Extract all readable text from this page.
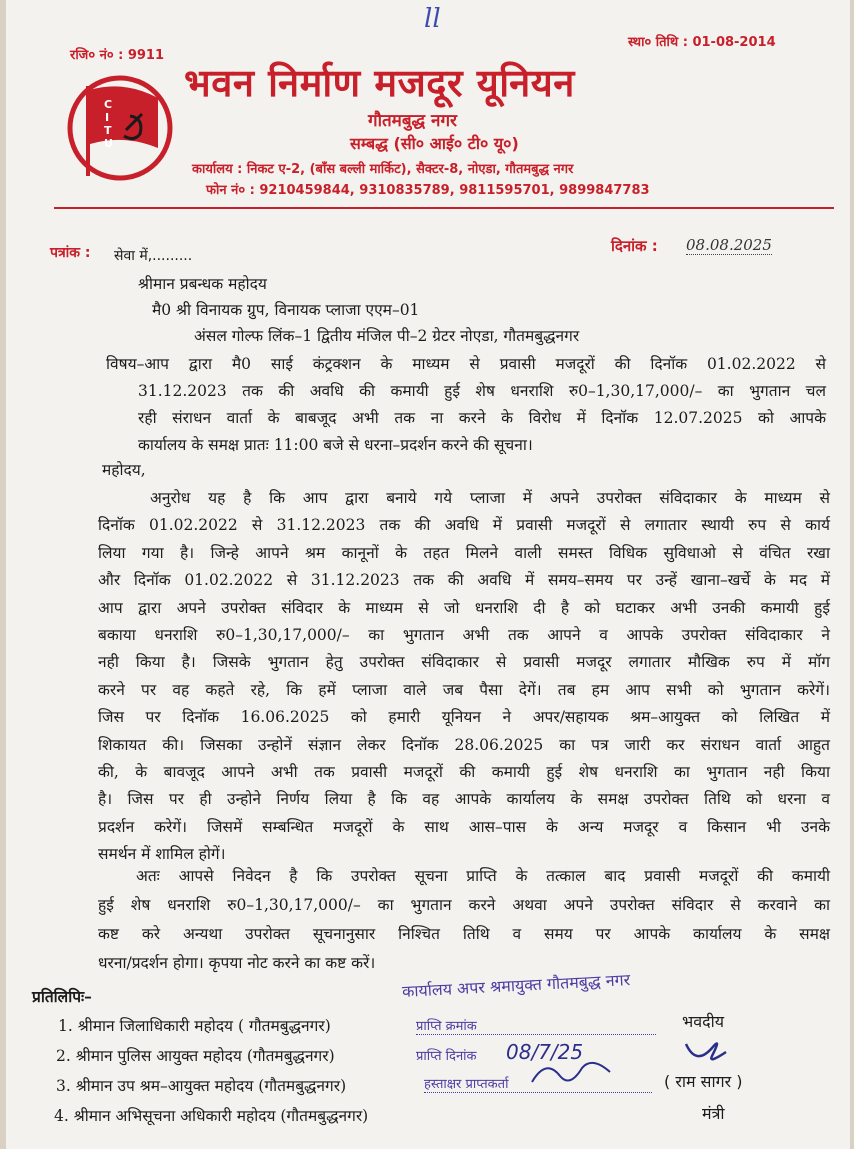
ll
रजि० नं० : 9911
स्था० तिथि : 01-08-2014
C
I
T
U
भवन निर्माण मजदूर यूनियन
गौतमबुद्ध नगर
सम्बद्ध (सी० आई० टी० यू०)
कार्यालय : निकट ए-2, (बाँस बल्ली मार्किट), सैक्टर-8, नोएडा, गौतमबुद्ध नगर
फोन नं० : 9210459844, 9310835789, 9811595701, 9899847783
पत्रांक : सेवा में,.........
दिनांक : 08.08.2025
श्रीमान प्रबन्धक महोदय
मै0 श्री विनायक ग्रुप, विनायक प्लाजा एएम–01
अंसल गोल्फ लिंक–1 द्वितीय मंजिल पी–2 ग्रेटर नोएडा, गौतमबुद्धनगर
विषय–आप द्वारा मै0 साई कंट्रक्शन के माध्यम से प्रवासी मजदूरों की दिनॉक 01.02.2022 से
31.12.2023 तक की अवधि की कमायी हुई शेष धनराशि रु0–1,30,17,000/– का भुगतान चल
रही संराधन वार्ता के बाबजूद अभी तक ना करने के विरोध में दिनॉक 12.07.2025 को आपके
कार्यालय के समक्ष प्रातः 11:00 बजे से धरना–प्रदर्शन करने की सूचना।
महोदय,
अनुरोध यह है कि आप द्वारा बनाये गये प्लाजा में अपने उपरोक्त संविदाकार के माध्यम से
दिनॉक 01.02.2022 से 31.12.2023 तक की अवधि में प्रवासी मजदूरों से लगातार स्थायी रुप से कार्य
लिया गया है। जिन्हे आपने श्रम कानूनों के तहत मिलने वाली समस्त विधिक सुविधाओ से वंचित रखा
और दिनॉक 01.02.2022 से 31.12.2023 तक की अवधि में समय–समय पर उन्हें खाना–खर्चे के मद में
आप द्वारा अपने उपरोक्त संविदार के माध्यम से जो धनराशि दी है को घटाकर अभी उनकी कमायी हुई
बकाया धनराशि रु0–1,30,17,000/– का भुगतान अभी तक आपने व आपके उपरोक्त संविदाकार ने
नही किया है। जिसके भुगतान हेतु उपरोक्त संविदाकार से प्रवासी मजदूर लगातार मौखिक रुप में मॉग
करने पर वह कहते रहे, कि हमें प्लाजा वाले जब पैसा देगें। तब हम आप सभी को भुगतान करेगें।
जिस पर दिनॉक 16.06.2025 को हमारी यूनियन ने अपर/सहायक श्रम–आयुक्त को लिखित में
शिकायत की। जिसका उन्होनें संज्ञान लेकर दिनॉक 28.06.2025 का पत्र जारी कर संराधन वार्ता आहुत
की, के बावजूद आपने अभी तक प्रवासी मजदूरों की कमायी हुई शेष धनराशि का भुगतान नही किया
है। जिस पर ही उन्होने निर्णय लिया है कि वह आपके कार्यालय के समक्ष उपरोक्त तिथि को धरना व
प्रदर्शन करेगें। जिसमें सम्बन्धित मजदूरों के साथ आस–पास के अन्य मजदूर व किसान भी उनके
समर्थन में शामिल होगें।
अतः आपसे निवेदन है कि उपरोक्त सूचना प्राप्ति के तत्काल बाद प्रवासी मजदूरों की कमायी
हुई शेष धनराशि रु0–1,30,17,000/– का भुगतान करने अथवा अपने उपरोक्त संविदार से करवाने का
कष्ट करे अन्यथा उपरोक्त सूचनानुसार निश्चित तिथि व समय पर आपके कार्यालय के समक्ष
धरना/प्रदर्शन होगा। कृपया नोट करने का कष्ट करें।
प्रतिलिपिः–
1. श्रीमान जिलाधिकारी महोदय ( गौतमबुद्धनगर)
2. श्रीमान पुलिस आयुक्त महोदय (गौतमबुद्धनगर)
3. श्रीमान उप श्रम–आयुक्त महोदय (गौतमबुद्धनगर)
4. श्रीमान अभिसूचना अधिकारी महोदय (गौतमबुद्धनगर)
कार्यालय अपर श्रमायुक्त गौतमबुद्ध नगर
प्राप्ति क्रमांक
प्राप्ति दिनांक 08/7/25
हस्ताक्षर प्राप्तकर्ता
भवदीय
( राम सागर )
मंत्री
